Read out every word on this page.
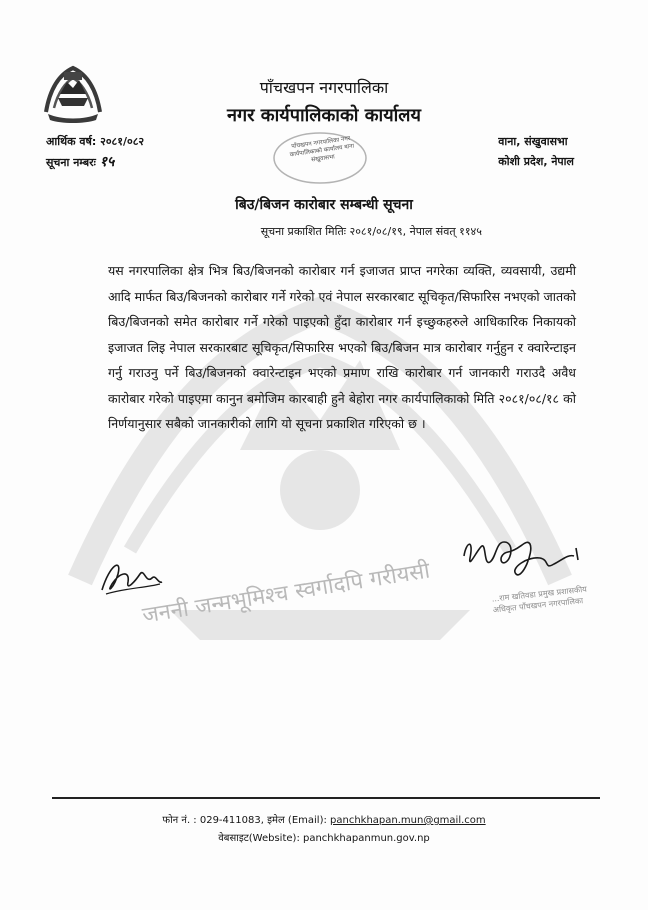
जननी जन्मभूमिश्च स्वर्गादपि गरीयसी
पाँचखपन नगरपालिका
नगर कार्यपालिकाको कार्यालय
आर्थिक वर्ष: २०८१/०८२
सूचना नम्बरः १५
वाना, संखुवासभा
कोशी प्रदेश, नेपाल
पाँचखपन नगरपालिका नगर कार्यपालिकाको कार्यालय वाना संखुवासभा
बिउ/बिजन कारोबार सम्बन्धी सूचना
सूचना प्रकाशित मितिः २०८१/०८/१९, नेपाल संवत् ११४५
यस नगरपालिका क्षेत्र भित्र बिउ/बिजनको कारोबार गर्न इजाजत प्राप्त नगरेका व्यक्ति, व्यवसायी, उद्यमी आदि मार्फत बिउ/बिजनको कारोबार गर्ने गरेको एवं नेपाल सरकारबाट सूचिकृत/सिफारिस नभएको जातको बिउ/बिजनको समेत कारोबार गर्ने गरेको पाइएको हुँदा कारोबार गर्न इच्छुकहरुले आधिकारिक निकायको इजाजत लिइ नेपाल सरकारबाट सूचिकृत/सिफारिस भएको बिउ/बिजन मात्र कारोबार गर्नुहुन र क्वारेन्टाइन गर्नु गराउनु पर्ने बिउ/बिजनको क्वारेन्टाइन भएको प्रमाण राखि कारोबार गर्न जानकारी गराउदै अवैध कारोबार गरेको पाइएमा कानुन बमोजिम कारबाही हुने बेहोरा नगर कार्यपालिकाको मिति २०८१/०८/१८ को निर्णयानुसार सबैको जानकारीको लागि यो सूचना प्रकाशित गरिएको छ ।
...राम खतिवडा प्रमुख प्रशासकीय अधिकृत पाँचखपन नगरपालिका
फोन नं. : 029-411083, इमेल (Email): panchkhapan.mun@gmail.com
वेबसाइट(Website): panchkhapanmun.gov.np
